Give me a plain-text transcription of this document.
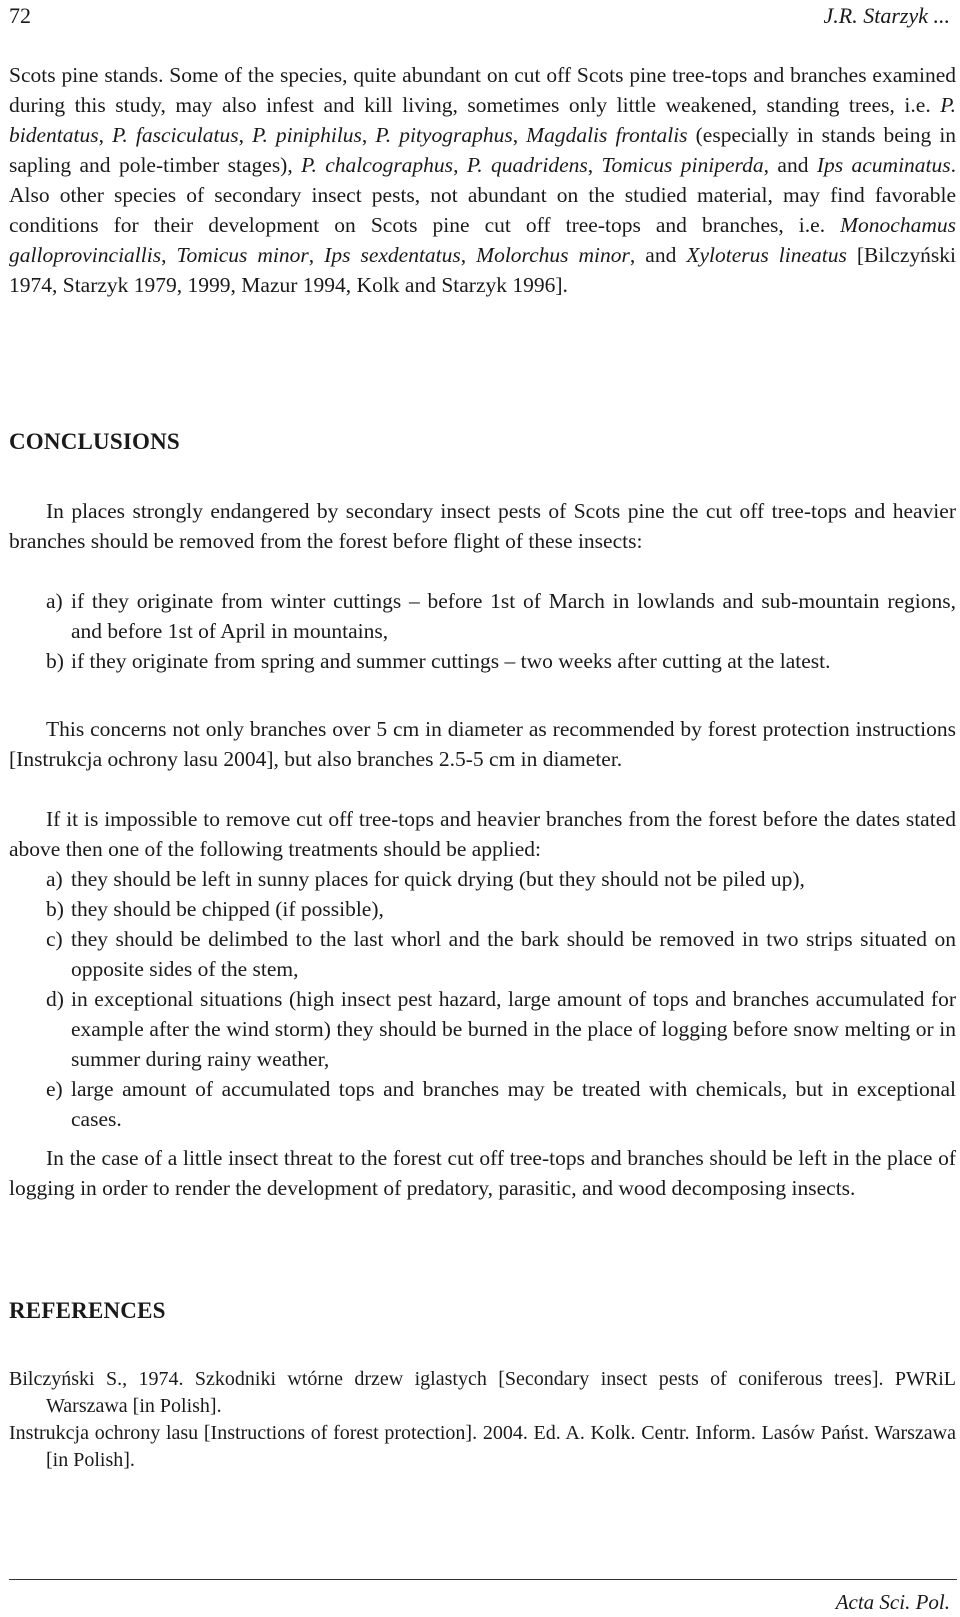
72	J.R. Starzyk ...

Scots pine stands. Some of the species, quite abundant on cut off Scots pine tree-tops and branches examined during this study, may also infest and kill living, sometimes only little weakened, standing trees, i.e. P. bidentatus, P. fasciculatus, P. piniphilus, P. pityographus, Magdalis frontalis (especially in stands being in sapling and pole-timber stages), P. chalcographus, P. quadridens, Tomicus piniperda, and Ips acuminatus. Also other species of secondary insect pests, not abundant on the studied material, may find favorable conditions for their development on Scots pine cut off tree-tops and branches, i.e. Monochamus galloprovinciallis, Tomicus minor, Ips sexdentatus, Molorchus minor, and Xyloterus lineatus [Bilczyński 1974, Starzyk 1979, 1999, Mazur 1994, Kolk and Starzyk 1996].

CONCLUSIONS

In places strongly endangered by secondary insect pests of Scots pine the cut off tree-tops and heavier branches should be removed from the forest before flight of these insects:

a) if they originate from winter cuttings – before 1st of March in lowlands and sub-mountain regions, and before 1st of April in mountains,
b) if they originate from spring and summer cuttings – two weeks after cutting at the latest.

This concerns not only branches over 5 cm in diameter as recommended by forest protection instructions [Instrukcja ochrony lasu 2004], but also branches 2.5-5 cm in diameter.

If it is impossible to remove cut off tree-tops and heavier branches from the forest before the dates stated above then one of the following treatments should be applied:

a) they should be left in sunny places for quick drying (but they should not be piled up),
b) they should be chipped (if possible),
c) they should be delimbed to the last whorl and the bark should be removed in two strips situated on opposite sides of the stem,
d) in exceptional situations (high insect pest hazard, large amount of tops and branches accumulated for example after the wind storm) they should be burned in the place of logging before snow melting or in summer during rainy weather,
e) large amount of accumulated tops and branches may be treated with chemicals, but in exceptional cases.

In the case of a little insect threat to the forest cut off tree-tops and branches should be left in the place of logging in order to render the development of predatory, parasitic, and wood decomposing insects.

REFERENCES

Bilczyński S., 1974. Szkodniki wtórne drzew iglastych [Secondary insect pests of coniferous trees]. PWRiL Warszawa [in Polish].

Instrukcja ochrony lasu [Instructions of forest protection]. 2004. Ed. A. Kolk. Centr. Inform. Lasów Państ. Warszawa [in Polish].

Acta Sci. Pol.
